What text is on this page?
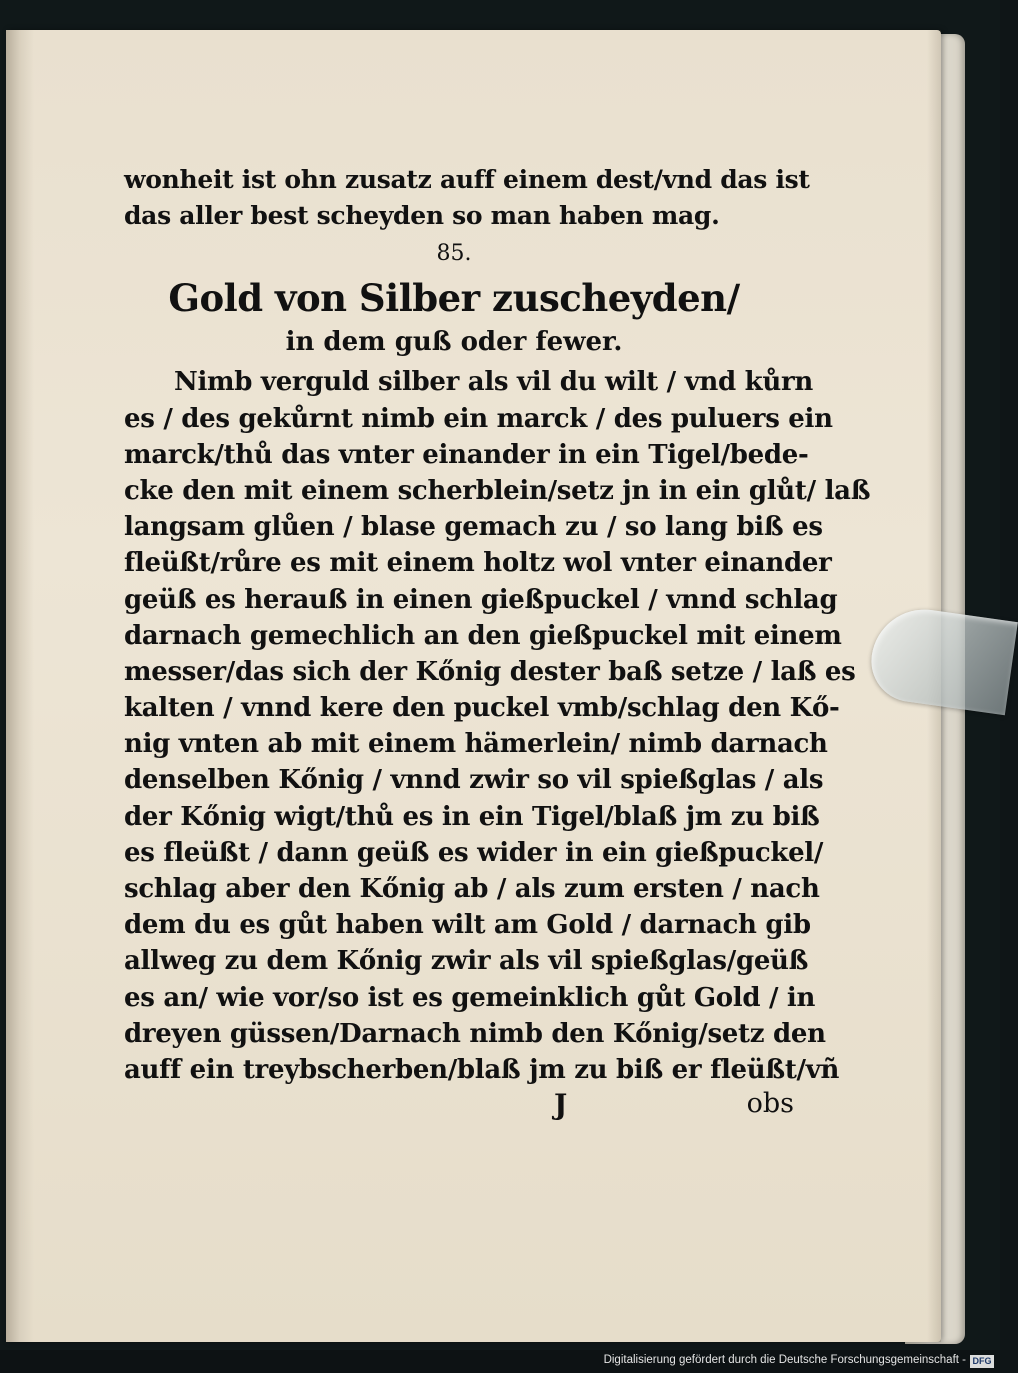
wonheit ist ohn zusatz auff einem dest/vnd das ist
das aller best scheyden so man haben mag.
85.
Gold von Silber zuscheyden/
in dem guß oder fewer.
Nimb verguld silber als vil du wilt / vnd kůrn
es / des gekůrnt nimb ein marck / des puluers ein
marck/thů das vnter einander in ein Tigel/bede-
cke den mit einem scherblein/setz jn in ein glůt/ laß
langsam glůen / blase gemach zu / so lang biß es
fleüßt/růre es mit einem holtz wol vnter einander
geüß es herauß in einen gießpuckel / vnnd schlag
darnach gemechlich an den gießpuckel mit einem
messer/das sich der Kőnig dester baß setze / laß es
kalten / vnnd kere den puckel vmb/schlag den Kő-
nig vnten ab mit einem hämerlein/ nimb darnach
denselben Kőnig / vnnd zwir so vil spießglas / als
der Kőnig wigt/thů es in ein Tigel/blaß jm zu biß
es fleüßt / dann geüß es wider in ein gießpuckel/
schlag aber den Kőnig ab / als zum ersten / nach
dem du es gůt haben wilt am Gold / darnach gib
allweg zu dem Kőnig zwir als vil spießglas/geüß
es an/ wie vor/so ist es gemeinklich gůt Gold / in
dreyen güssen/Darnach nimb den Kőnig/setz den
auff ein treybscherben/blaß jm zu biß er fleüßt/vñ
J	obs
Digitalisierung gefördert durch die Deutsche Forschungsgemeinschaft - DFG
